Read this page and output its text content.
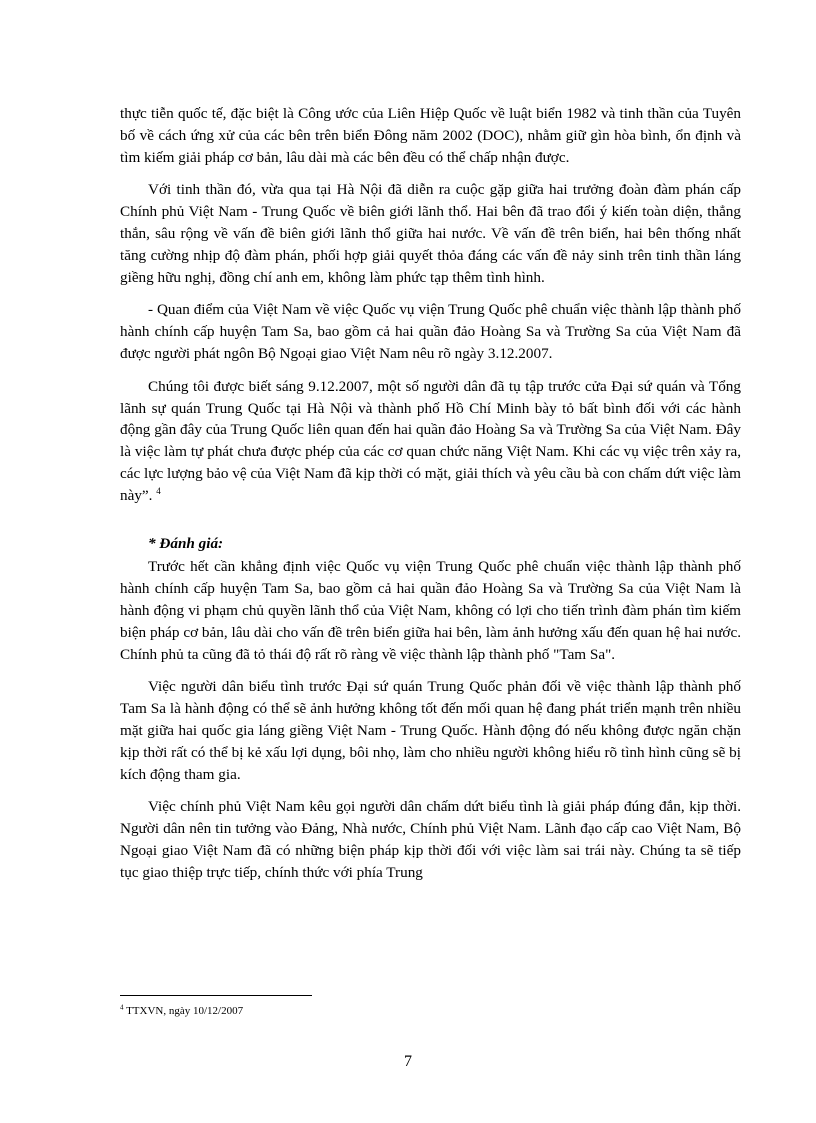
thực tiễn quốc tế, đặc biệt là Công ước của Liên Hiệp Quốc về luật biển 1982 và tinh thần của Tuyên bố về cách ứng xử của các bên trên biển Đông năm 2002 (DOC), nhằm giữ gìn hòa bình, ổn định và tìm kiếm giải pháp cơ bản, lâu dài mà các bên đều có thể chấp nhận được.

Với tinh thần đó, vừa qua tại Hà Nội đã diễn ra cuộc gặp giữa hai trưởng đoàn đàm phán cấp Chính phủ Việt Nam - Trung Quốc về biên giới lãnh thổ. Hai bên đã trao đổi ý kiến toàn diện, thẳng thắn, sâu rộng về vấn đề biên giới lãnh thổ giữa hai nước. Về vấn đề trên biển, hai bên thống nhất tăng cường nhịp độ đàm phán, phối hợp giải quyết thỏa đáng các vấn đề nảy sinh trên tinh thần láng giềng hữu nghị, đồng chí anh em, không làm phức tạp thêm tình hình.

- Quan điểm của Việt Nam về việc Quốc vụ viện Trung Quốc phê chuẩn việc thành lập thành phố hành chính cấp huyện Tam Sa, bao gồm cả hai quần đảo Hoàng Sa và Trường Sa của Việt Nam đã được người phát ngôn Bộ Ngoại giao Việt Nam nêu rõ ngày 3.12.2007.

Chúng tôi được biết sáng 9.12.2007, một số người dân đã tụ tập trước cửa Đại sứ quán và Tổng lãnh sự quán Trung Quốc tại Hà Nội và thành phố Hồ Chí Minh bày tỏ bất bình đối với các hành động gần đây của Trung Quốc liên quan đến hai quần đảo Hoàng Sa và Trường Sa của Việt Nam. Đây là việc làm tự phát chưa được phép của các cơ quan chức năng Việt Nam. Khi các vụ việc trên xảy ra, các lực lượng bảo vệ của Việt Nam đã kịp thời có mặt, giải thích và yêu cầu bà con chấm dứt việc làm này”. $^4$

* Đánh giá:

Trước hết cần khẳng định việc Quốc vụ viện Trung Quốc phê chuẩn việc thành lập thành phố hành chính cấp huyện Tam Sa, bao gồm cả hai quần đảo Hoàng Sa và Trường Sa của Việt Nam là hành động vi phạm chủ quyền lãnh thổ của Việt Nam, không có lợi cho tiến trình đàm phán tìm kiếm biện pháp cơ bản, lâu dài cho vấn đề trên biển giữa hai bên, làm ảnh hưởng xấu đến quan hệ hai nước. Chính phủ ta cũng đã tỏ thái độ rất rõ ràng về việc thành lập thành phố "Tam Sa".

Việc người dân biểu tình trước Đại sứ quán Trung Quốc phản đối về việc thành lập thành phố Tam Sa là hành động có thể sẽ ảnh hưởng không tốt đến mối quan hệ đang phát triển mạnh trên nhiều mặt giữa hai quốc gia láng giềng Việt Nam - Trung Quốc. Hành động đó nếu không được ngăn chặn kịp thời rất có thể bị kẻ xấu lợi dụng, bôi nhọ, làm cho nhiều người không hiểu rõ tình hình cũng sẽ bị kích động tham gia.

Việc chính phủ Việt Nam kêu gọi người dân chấm dứt biểu tình là giải pháp đúng đắn, kịp thời. Người dân nên tin tưởng vào Đảng, Nhà nước, Chính phủ Việt Nam. Lãnh đạo cấp cao Việt Nam, Bộ Ngoại giao Việt Nam đã có những biện pháp kịp thời đối với việc làm sai trái này. Chúng ta sẽ tiếp tục giao thiệp trực tiếp, chính thức với phía Trung

$^4$ TTXVN, ngày 10/12/2007
7
